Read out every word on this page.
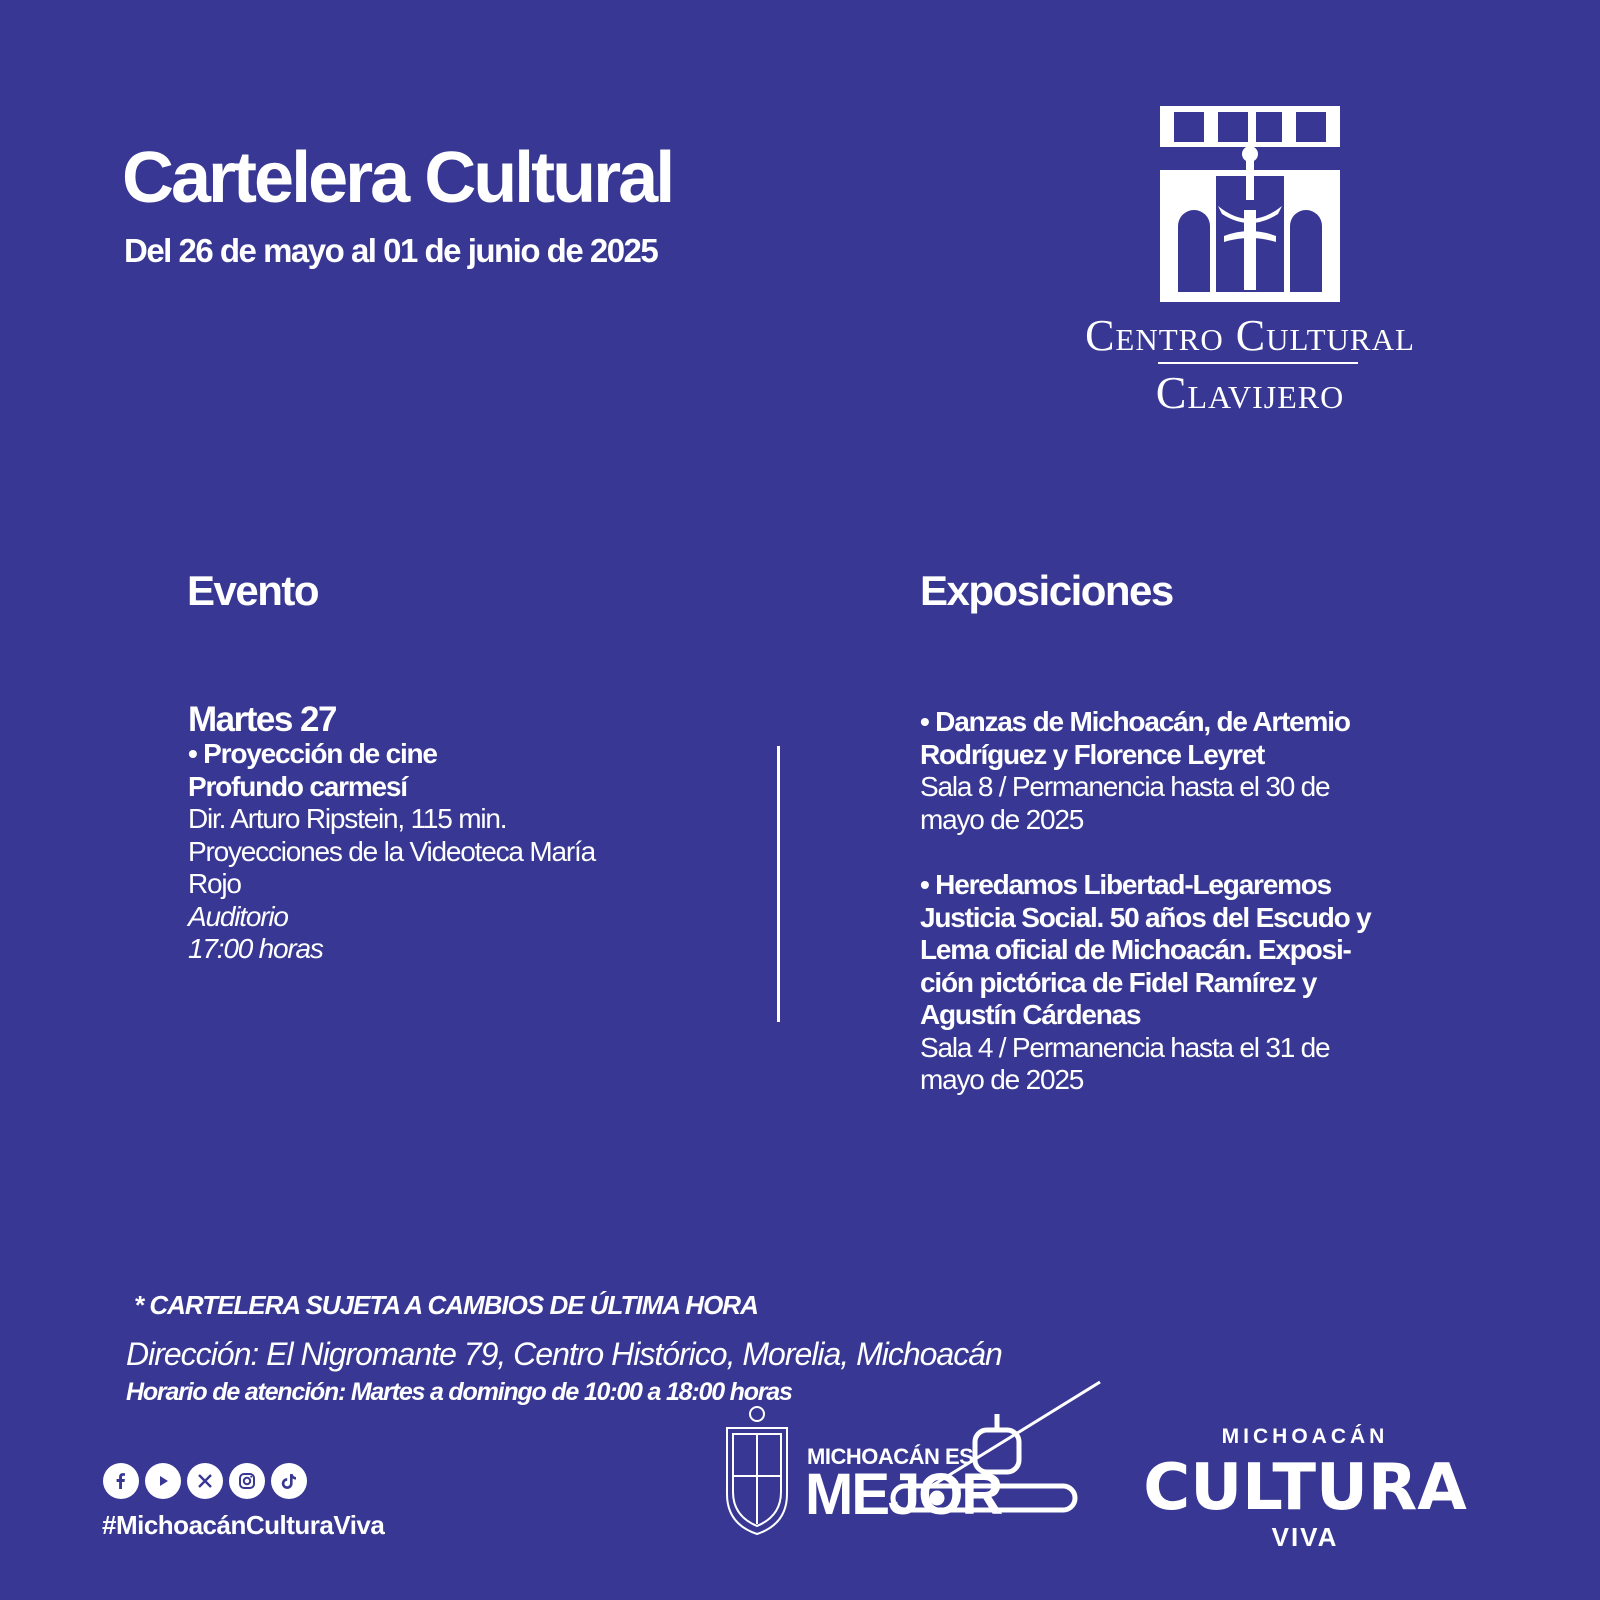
Cartelera Cultural
Del 26 de mayo al 01 de junio de 2025
Centro Cultural
Clavijero
Evento	Exposiciones
Martes 27
• Proyección de cine
Profundo carmesí
Dir. Arturo Ripstein, 115 min.
Proyecciones de la Videoteca María
Rojo
Auditorio
17:00 horas
• Danzas de Michoacán, de Artemio
Rodríguez y Florence Leyret
Sala 8 / Permanencia hasta el 30 de
mayo de 2025
• Heredamos Libertad-Legaremos
Justicia Social. 50 años del Escudo y
Lema oficial de Michoacán. Exposi-
ción pictórica de Fidel Ramírez y
Agustín Cárdenas
Sala 4 / Permanencia hasta el 31 de
mayo de 2025
* CARTELERA SUJETA A CAMBIOS DE ÚLTIMA HORA
Dirección: El Nigromante 79, Centro Histórico, Morelia, Michoacán
Horario de atención: Martes a domingo de 10:00 a 18:00 horas
#MichoacánCulturaViva
MICHOACÁN ES
MEJOR
MICHOACÁN
CULTURA
VIVA
